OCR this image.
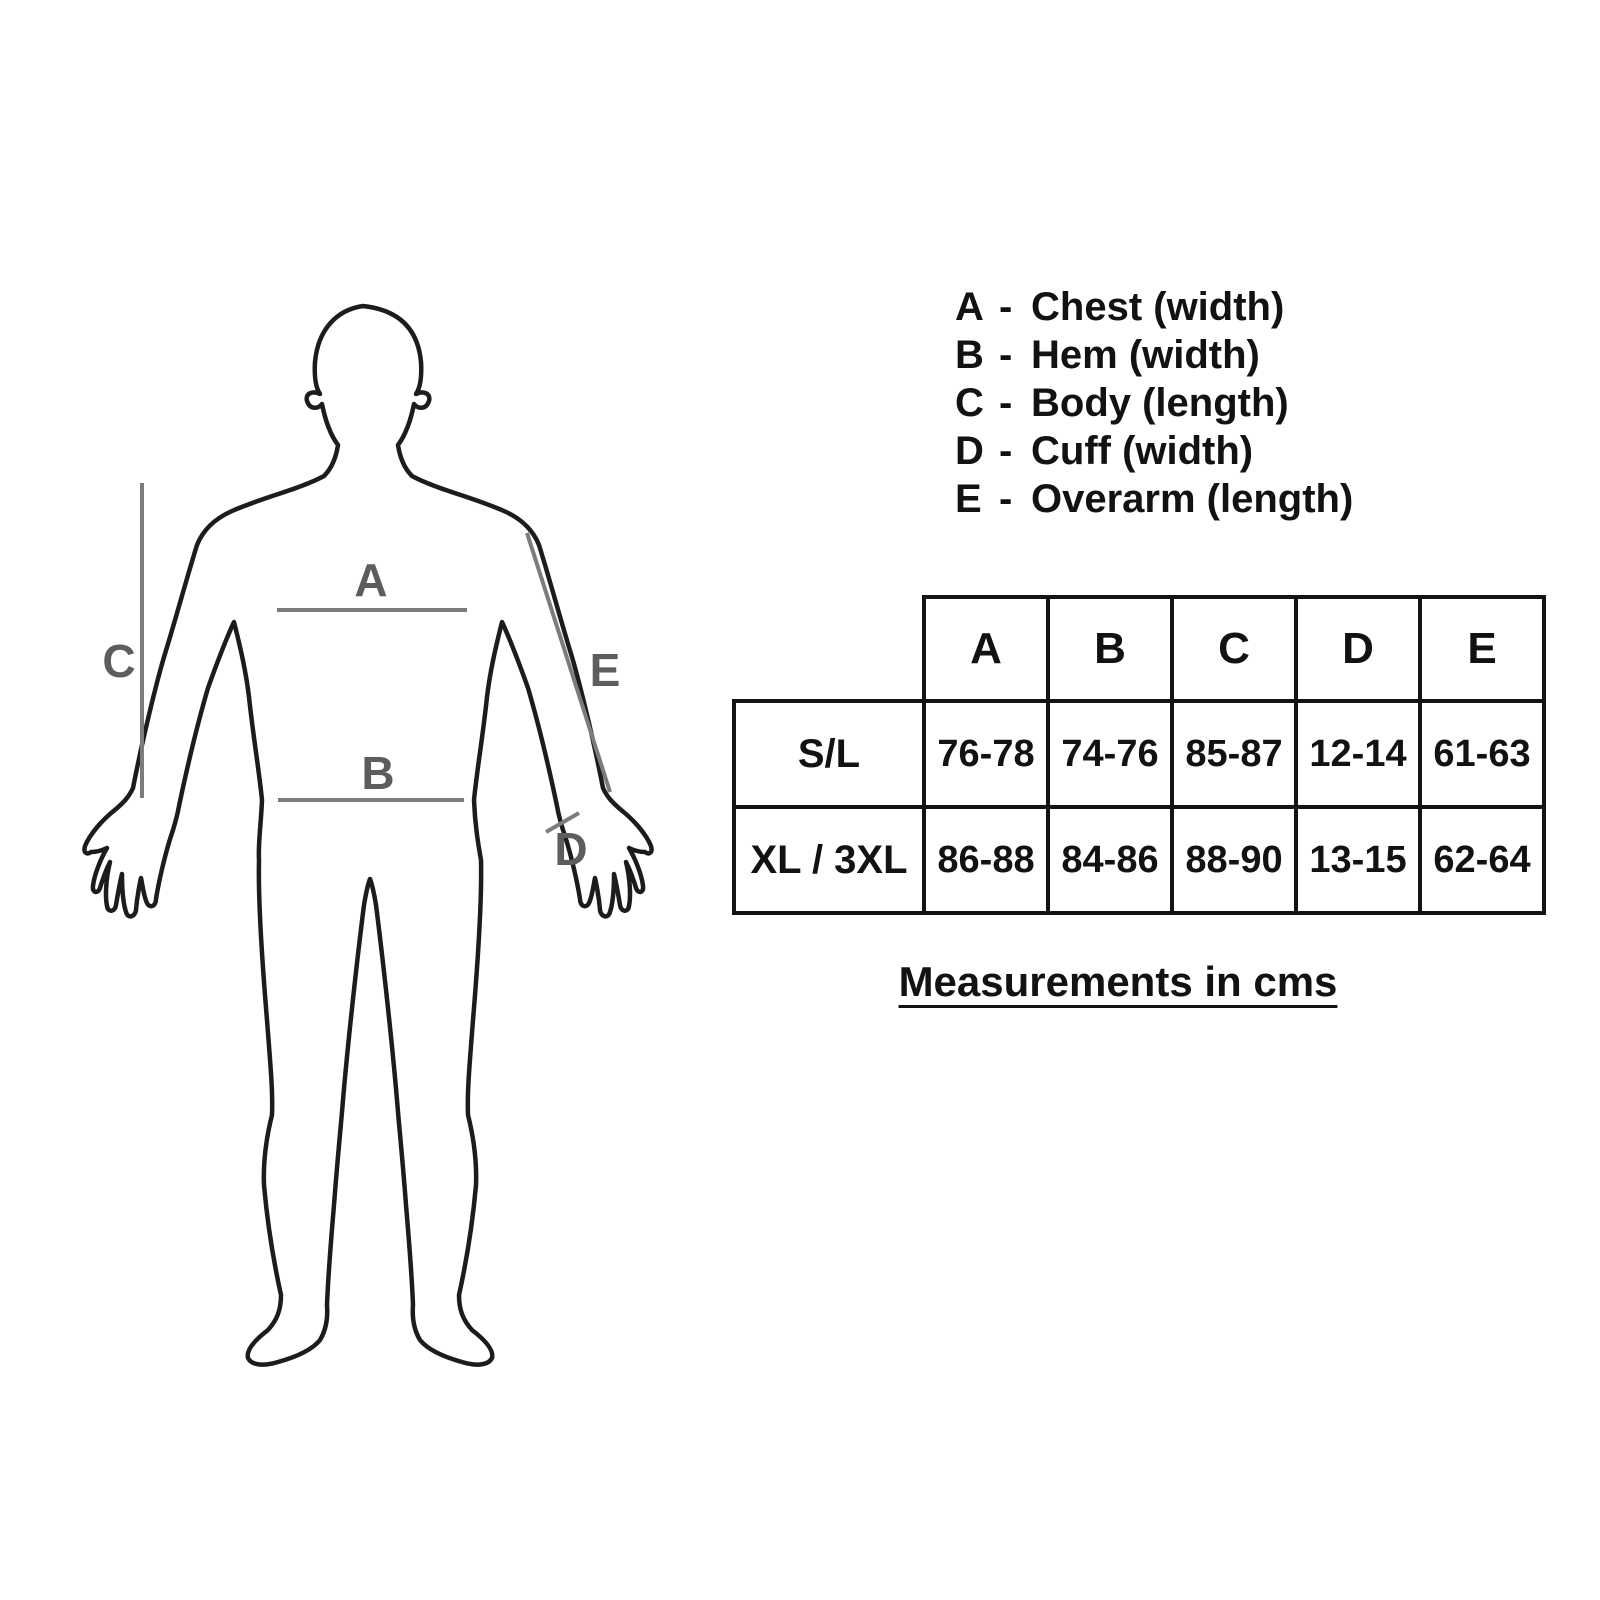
A
B
C
D
E
A - Chest (width)
B - Hem (width)
C - Body (length)
D - Cuff (width)
E - Overarm (length)
	A	B	C	D	E
S/L	76-78	74-76	85-87	12-14	61-63
XL / 3XL	86-88	84-86	88-90	13-15	62-64
Measurements in cms
